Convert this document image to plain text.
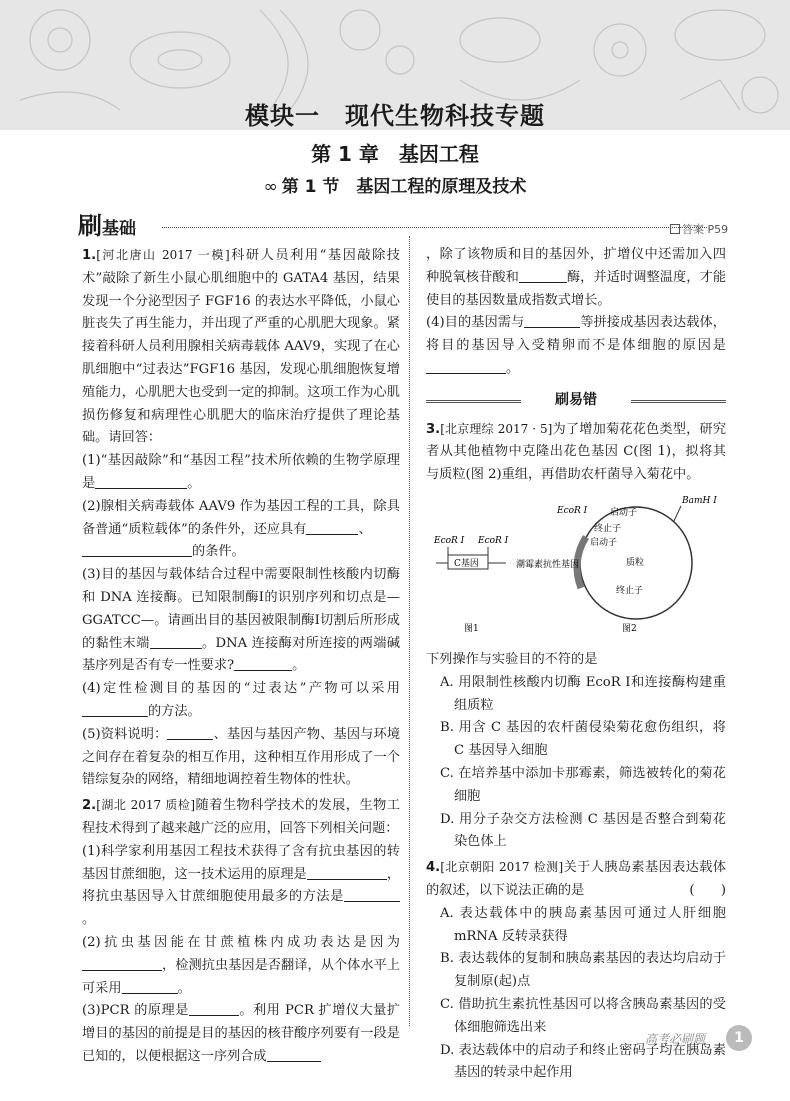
模块一　现代生物科技专题
第 1 章　基因工程
∞ 第 1 节　基因工程的原理及技术
刷基础	答案 P59
1.[河北唐山 2017 一模]科研人员利用“基因敲除技术”敲除了新生小鼠心肌细胞中的 GATA4 基因，结果发现一个分泌型因子 FGF16 的表达水平降低，小鼠心脏丧失了再生能力，并出现了严重的心肌肥大现象。紧接着科研人员利用腺相关病毒载体 AAV9，实现了在心肌细胞中“过表达”FGF16 基因，发现心肌细胞恢复增殖能力，心肌肥大也受到一定的抑制。这项工作为心肌损伤修复和病理性心肌肥大的临床治疗提供了理论基础。请回答：
(1)“基因敲除”和“基因工程”技术所依赖的生物学原理是	。
(2)腺相关病毒载体 AAV9 作为基因工程的工具，除具备普通“质粒载体”的条件外，还应具有	、
的条件。
(3)目的基因与载体结合过程中需要限制性核酸内切酶和 DNA 连接酶。已知限制酶Ⅰ的识别序列和切点是—GGATCC—。请画出目的基因被限制酶Ⅰ切割后所形成的黏性末端	。DNA 连接酶对所连接的两端碱基序列是否有专一性要求?	。
(4)定性检测目的基因的“过表达”产物可以采用的方法。
(5)资料说明：	、基因与基因产物、基因与环境之间存在着复杂的相互作用，这种相互作用形成了一个错综复杂的网络，精细地调控着生物体的性状。
2.[湖北 2017 质检]随着生物科学技术的发展，生物工程技术得到了越来越广泛的应用，回答下列相关问题：
(1)科学家利用基因工程技术获得了含有抗虫基因的转基因甘蔗细胞，这一技术运用的原理是	，将抗虫基因导入甘蔗细胞使用最多的方法是。
(2)抗虫基因能在甘蔗植株内成功表达是因为，检测抗虫基因是否翻译，从个体水平上可采用	。
(3)PCR 的原理是	。利用 PCR 扩增仪大量扩增目的基因的前提是目的基因的核苷酸序列要有一段是已知的，以便根据这一序列合成
，除了该物质和目的基因外，扩增仪中还需加入四种脱氧核苷酸和	酶，并适时调整温度，才能使目的基因数量成指数式增长。
(4)目的基因需与	等拼接成基因表达载体，将目的基因导入受精卵而不是体细胞的原因是。
刷易错
3.[北京理综 2017 · 5]为了增加菊花花色类型，研究者从其他植物中克隆出花色基因 C(图 1)，拟将其与质粒(图 2)重组，再借助农杆菌导入菊花中。
C基因
EcoR Ⅰ EcoR Ⅰ
图1
潮霉素抗性基因
EcoR Ⅰ	启动子
终止子
启动子
质粒
终止子
BamH Ⅰ
图2
下列操作与实验目的不符的是
A. 用限制性核酸内切酶 EcoR Ⅰ和连接酶构建重组质粒
B. 用含 C 基因的农杆菌侵染菊花愈伤组织，将 C 基因导入细胞
C. 在培养基中添加卡那霉素，筛选被转化的菊花细胞
D. 用分子杂交方法检测 C 基因是否整合到菊花染色体上
4.[北京朝阳 2017 检测]关于人胰岛素基因表达载体的叙述，以下说法正确的是	(　　)
A. 表达载体中的胰岛素基因可通过人肝细胞 mRNA 反转录获得
B. 表达载体的复制和胰岛素基因的表达均启动于复制原(起)点
C. 借助抗生素抗性基因可以将含胰岛素基因的受体细胞筛选出来
D. 表达载体中的启动子和终止密码子均在胰岛素基因的转录中起作用
高考必刷题	1
